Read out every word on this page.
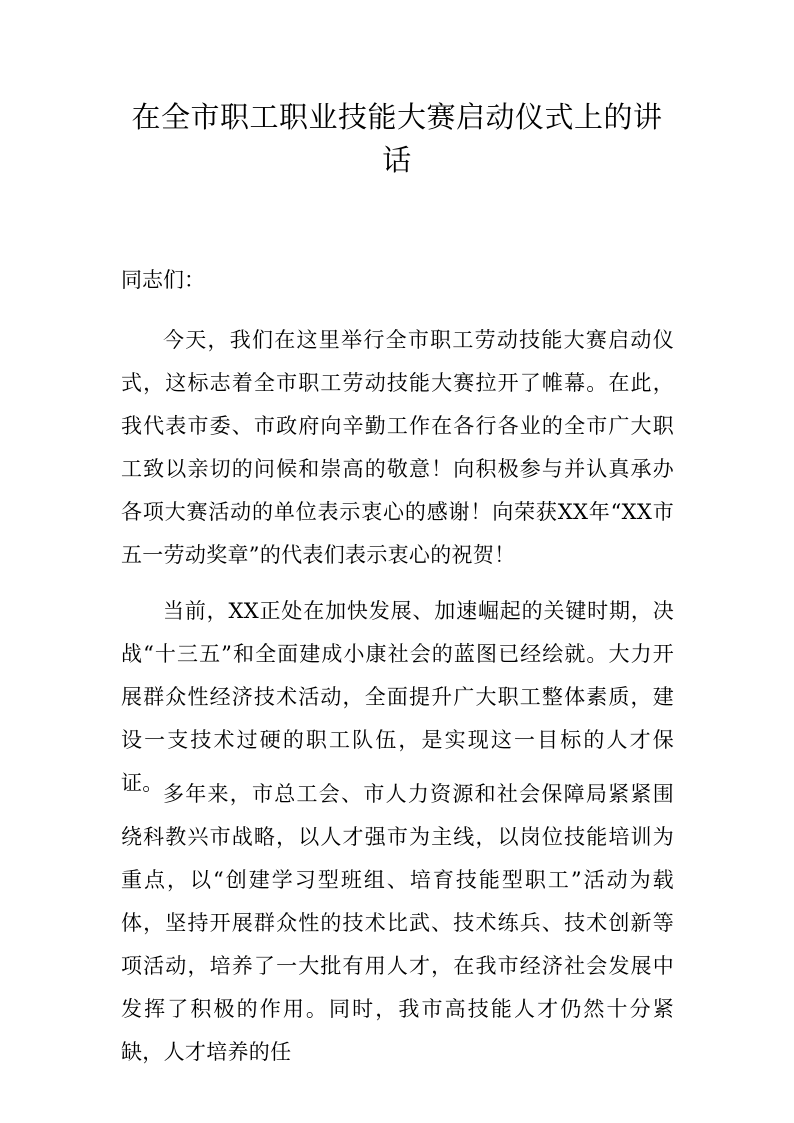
在全市职工职业技能大赛启动仪式上的讲话

同志们：

今天，我们在这里举行全市职工劳动技能大赛启动仪式，这标志着全市职工劳动技能大赛拉开了帷幕。在此，我代表市委、市政府向辛勤工作在各行各业的全市广大职工致以亲切的问候和崇高的敬意！向积极参与并认真承办各项大赛活动的单位表示衷心的感谢！向荣获XX年“XX市五一劳动奖章”的代表们表示衷心的祝贺！

当前，XX正处在加快发展、加速崛起的关键时期，决战“十三五”和全面建成小康社会的蓝图已经绘就。大力开展群众性经济技术活动，全面提升广大职工整体素质，建设一支技术过硬的职工队伍，是实现这一目标的人才保证。 多年来，市总工会、市人力资源和社会保障局紧紧围绕科教兴市战略，以人才强市为主线，以岗位技能培训为重点，以“创建学习型班组、培育技能型职工”活动为载体，坚持开展群众性的技术比武、技术练兵、技术创新等项活动，培养了一大批有用人才，在我市经济社会发展中发挥了积极的作用。同时，我市高技能人才仍然十分紧缺，人才培养的任
